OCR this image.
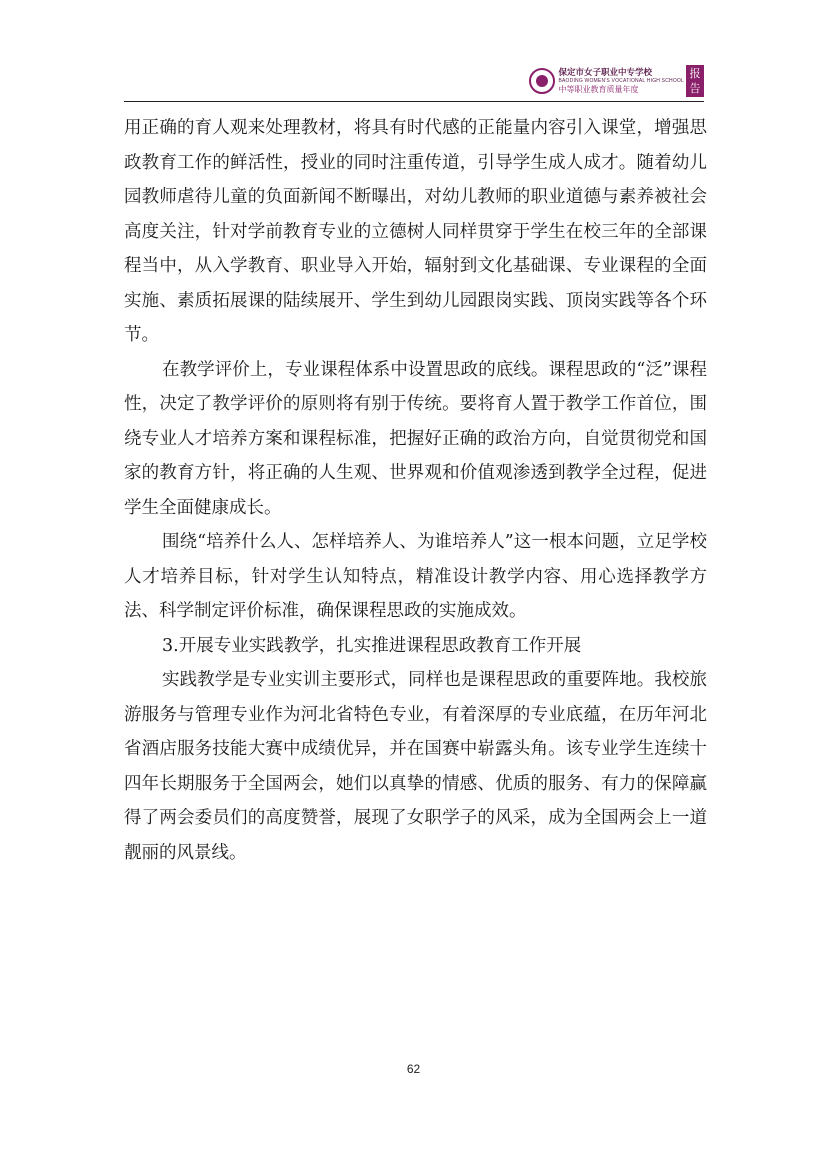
保定市女子职业中专学校
BAODING WOMEN'S VOCATIONAL HIGH SCHOOL
中等职业教育质量年度
报告

用正确的育人观来处理教材，将具有时代感的正能量内容引入课堂，增强思政教育工作的鲜活性，授业的同时注重传道，引导学生成人成才。随着幼儿园教师虐待儿童的负面新闻不断曝出，对幼儿教师的职业道德与素养被社会高度关注，针对学前教育专业的立德树人同样贯穿于学生在校三年的全部课程当中，从入学教育、职业导入开始，辐射到文化基础课、专业课程的全面实施、素质拓展课的陆续展开、学生到幼儿园跟岗实践、顶岗实践等各个环节。

在教学评价上，专业课程体系中设置思政的底线。课程思政的“泛”课程性，决定了教学评价的原则将有别于传统。要将育人置于教学工作首位，围绕专业人才培养方案和课程标准，把握好正确的政治方向，自觉贯彻党和国家的教育方针，将正确的人生观、世界观和价值观渗透到教学全过程，促进学生全面健康成长。

围绕“培养什么人、怎样培养人、为谁培养人”这一根本问题，立足学校人才培养目标，针对学生认知特点，精准设计教学内容、用心选择教学方法、科学制定评价标准，确保课程思政的实施成效。

3.开展专业实践教学，扎实推进课程思政教育工作开展

实践教学是专业实训主要形式，同样也是课程思政的重要阵地。我校旅游服务与管理专业作为河北省特色专业，有着深厚的专业底蕴，在历年河北省酒店服务技能大赛中成绩优异，并在国赛中崭露头角。该专业学生连续十四年长期服务于全国两会，她们以真挚的情感、优质的服务、有力的保障赢得了两会委员们的高度赞誉，展现了女职学子的风采，成为全国两会上一道靓丽的风景线。

62
